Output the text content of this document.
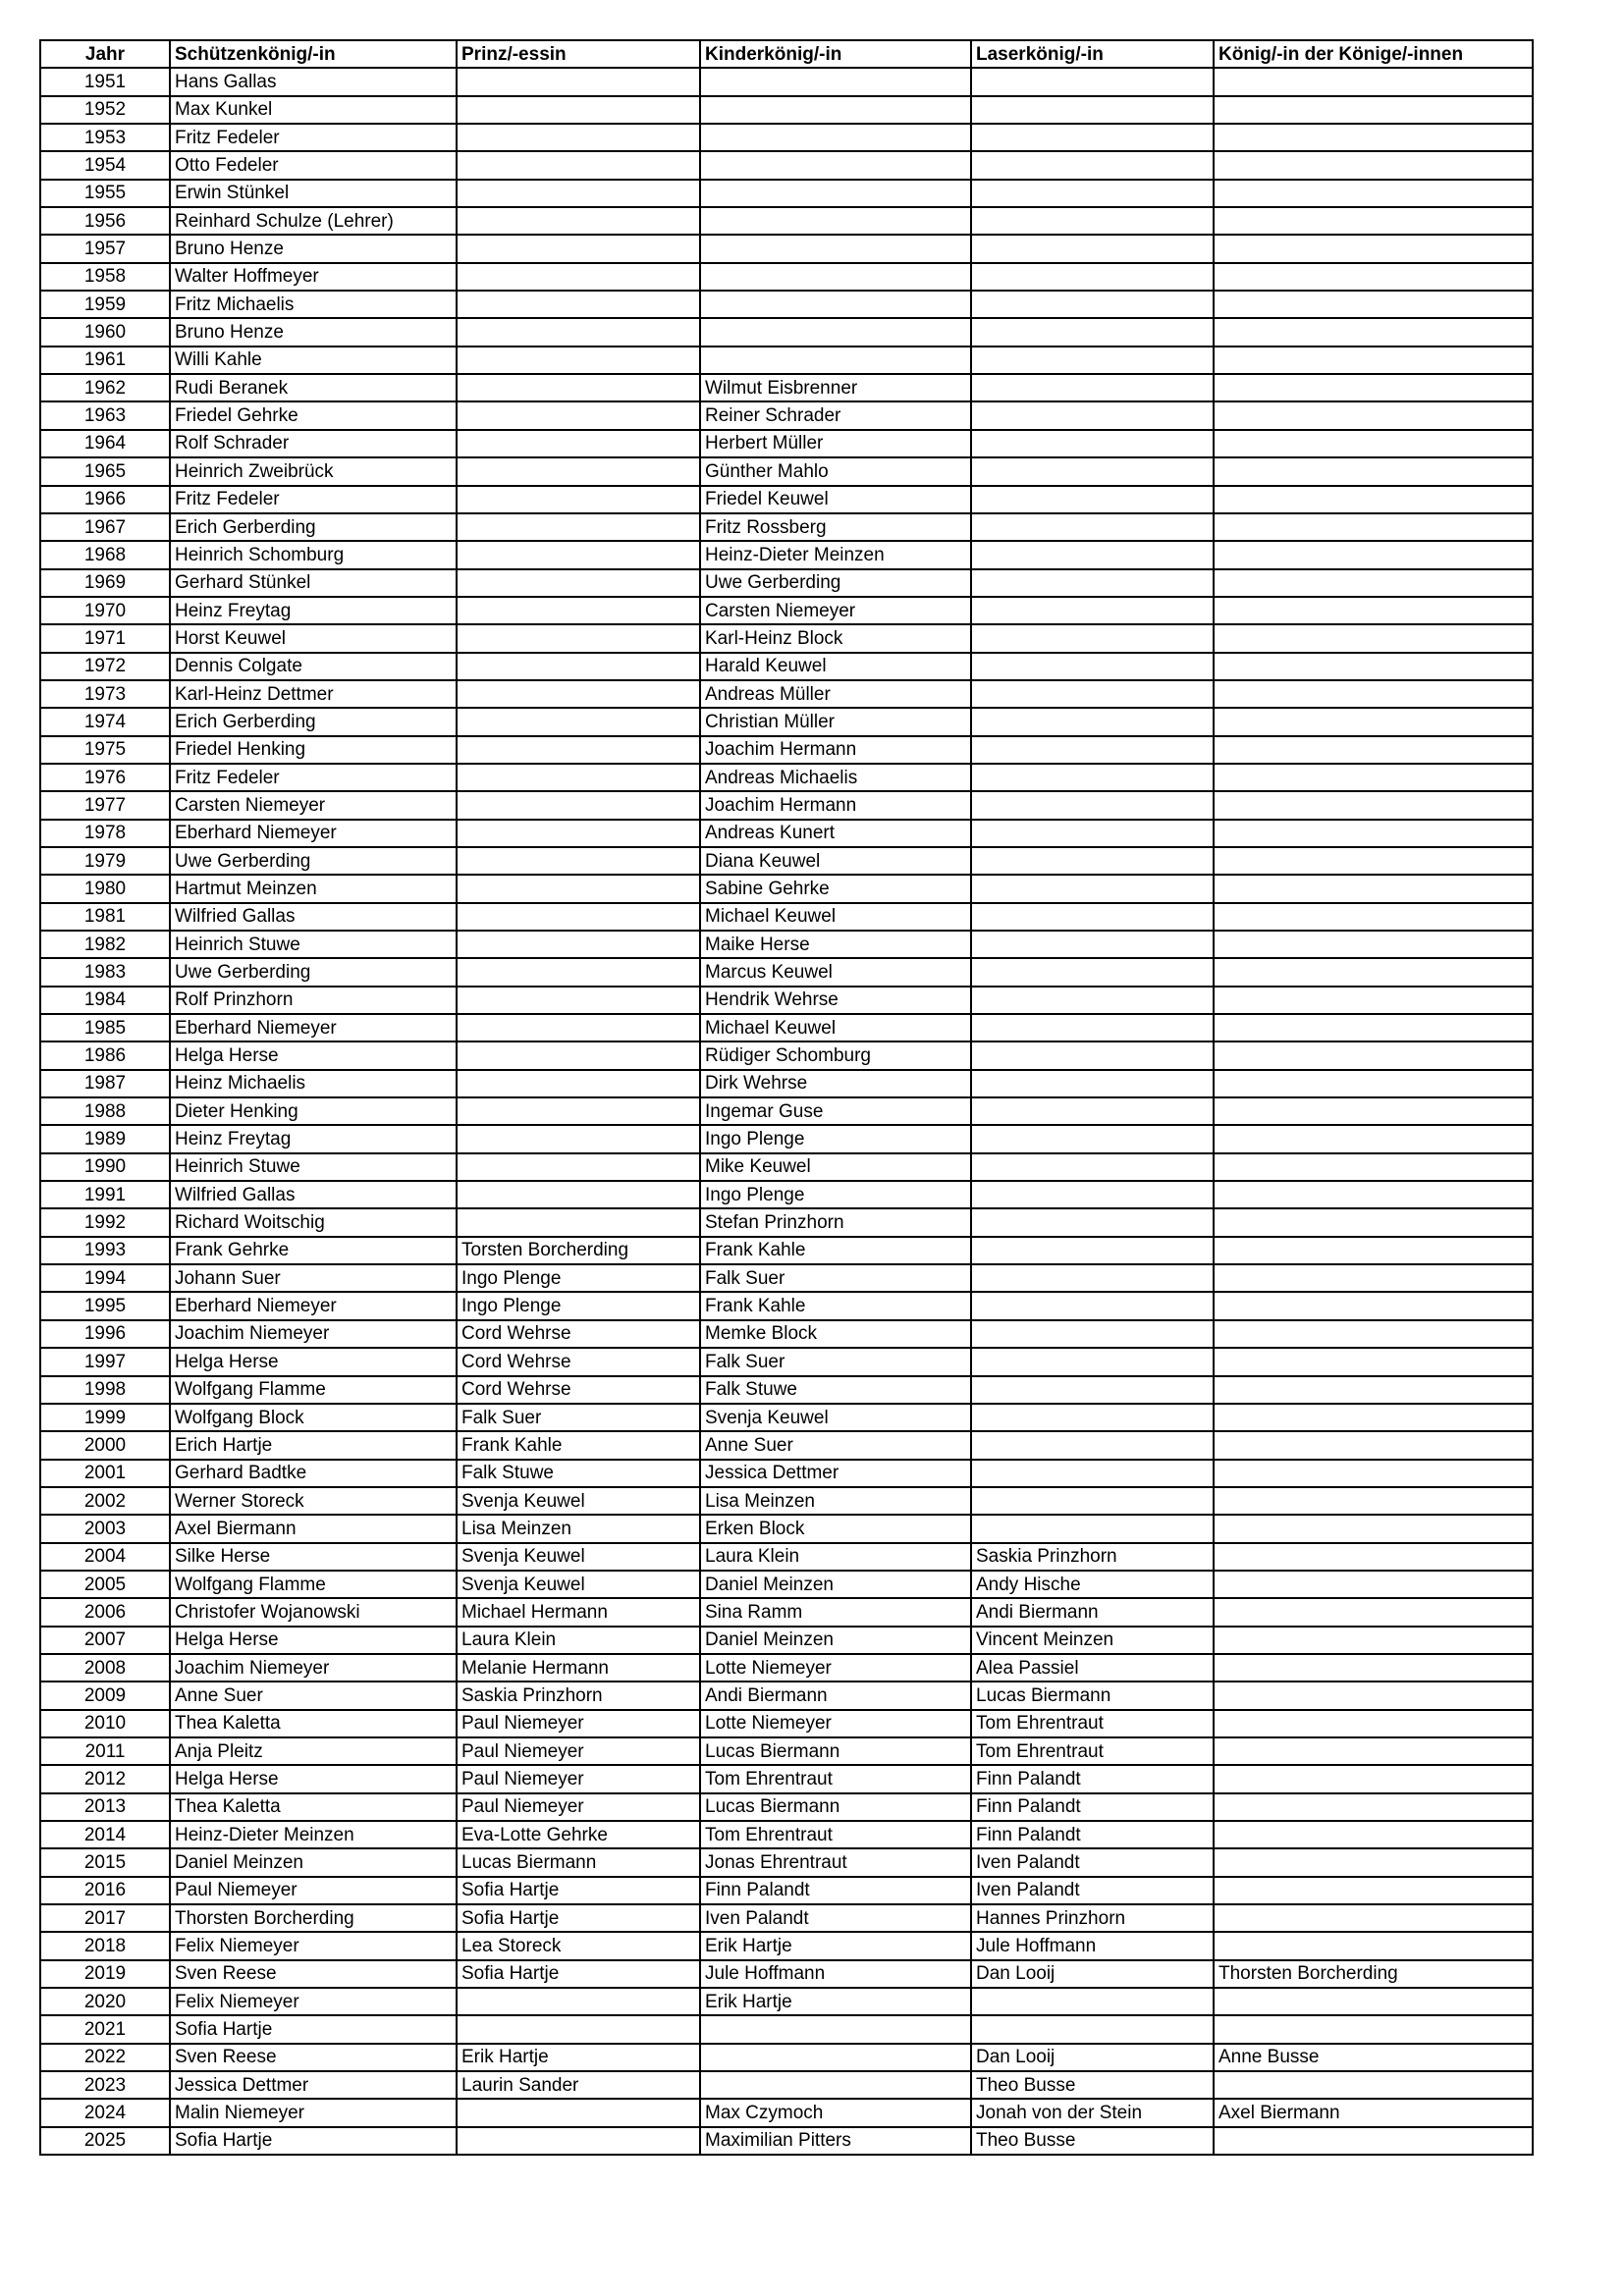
Jahr	Schützenkönig/-in	Prinz/-essin	Kinderkönig/-in	Laserkönig/-in	König/-in der Könige/-innen
1951	Hans Gallas				
1952	Max Kunkel				
1953	Fritz Fedeler				
1954	Otto Fedeler				
1955	Erwin Stünkel				
1956	Reinhard Schulze (Lehrer)				
1957	Bruno Henze				
1958	Walter Hoffmeyer				
1959	Fritz Michaelis				
1960	Bruno Henze				
1961	Willi Kahle				
1962	Rudi Beranek		Wilmut Eisbrenner		
1963	Friedel Gehrke		Reiner Schrader		
1964	Rolf Schrader		Herbert Müller		
1965	Heinrich Zweibrück		Günther Mahlo		
1966	Fritz Fedeler		Friedel Keuwel		
1967	Erich Gerberding		Fritz Rossberg		
1968	Heinrich Schomburg		Heinz-Dieter Meinzen		
1969	Gerhard Stünkel		Uwe Gerberding		
1970	Heinz Freytag		Carsten Niemeyer		
1971	Horst Keuwel		Karl-Heinz Block		
1972	Dennis Colgate		Harald Keuwel		
1973	Karl-Heinz Dettmer		Andreas Müller		
1974	Erich Gerberding		Christian Müller		
1975	Friedel Henking		Joachim Hermann		
1976	Fritz Fedeler		Andreas Michaelis		
1977	Carsten Niemeyer		Joachim Hermann		
1978	Eberhard Niemeyer		Andreas Kunert		
1979	Uwe Gerberding		Diana Keuwel		
1980	Hartmut Meinzen		Sabine Gehrke		
1981	Wilfried Gallas		Michael Keuwel		
1982	Heinrich Stuwe		Maike Herse		
1983	Uwe Gerberding		Marcus Keuwel		
1984	Rolf Prinzhorn		Hendrik Wehrse		
1985	Eberhard Niemeyer		Michael Keuwel		
1986	Helga Herse		Rüdiger Schomburg		
1987	Heinz Michaelis		Dirk Wehrse		
1988	Dieter Henking		Ingemar Guse		
1989	Heinz Freytag		Ingo Plenge		
1990	Heinrich Stuwe		Mike Keuwel		
1991	Wilfried Gallas		Ingo Plenge		
1992	Richard Woitschig		Stefan Prinzhorn		
1993	Frank Gehrke	Torsten Borcherding	Frank Kahle		
1994	Johann Suer	Ingo Plenge	Falk Suer		
1995	Eberhard Niemeyer	Ingo Plenge	Frank Kahle		
1996	Joachim Niemeyer	Cord Wehrse	Memke Block		
1997	Helga Herse	Cord Wehrse	Falk Suer		
1998	Wolfgang Flamme	Cord Wehrse	Falk Stuwe		
1999	Wolfgang Block	Falk Suer	Svenja Keuwel		
2000	Erich Hartje	Frank Kahle	Anne Suer		
2001	Gerhard Badtke	Falk Stuwe	Jessica Dettmer		
2002	Werner Storeck	Svenja Keuwel	Lisa Meinzen		
2003	Axel Biermann	Lisa Meinzen	Erken Block		
2004	Silke Herse	Svenja Keuwel	Laura Klein	Saskia Prinzhorn	
2005	Wolfgang Flamme	Svenja Keuwel	Daniel Meinzen	Andy Hische	
2006	Christofer Wojanowski	Michael Hermann	Sina Ramm	Andi Biermann	
2007	Helga Herse	Laura Klein	Daniel Meinzen	Vincent Meinzen	
2008	Joachim Niemeyer	Melanie Hermann	Lotte Niemeyer	Alea Passiel	
2009	Anne Suer	Saskia Prinzhorn	Andi Biermann	Lucas Biermann	
2010	Thea Kaletta	Paul Niemeyer	Lotte Niemeyer	Tom Ehrentraut	
2011	Anja Pleitz	Paul Niemeyer	Lucas Biermann	Tom Ehrentraut	
2012	Helga Herse	Paul Niemeyer	Tom Ehrentraut	Finn Palandt	
2013	Thea Kaletta	Paul Niemeyer	Lucas Biermann	Finn Palandt	
2014	Heinz-Dieter Meinzen	Eva-Lotte Gehrke	Tom Ehrentraut	Finn Palandt	
2015	Daniel Meinzen	Lucas Biermann	Jonas Ehrentraut	Iven Palandt	
2016	Paul Niemeyer	Sofia Hartje	Finn Palandt	Iven Palandt	
2017	Thorsten Borcherding	Sofia Hartje	Iven Palandt	Hannes Prinzhorn	
2018	Felix Niemeyer	Lea Storeck	Erik Hartje	Jule Hoffmann	
2019	Sven Reese	Sofia Hartje	Jule Hoffmann	Dan Looij	Thorsten Borcherding
2020	Felix Niemeyer		Erik Hartje		
2021	Sofia Hartje				
2022	Sven Reese	Erik Hartje		Dan Looij	Anne Busse
2023	Jessica Dettmer	Laurin Sander		Theo Busse	
2024	Malin Niemeyer		Max Czymoch	Jonah von der Stein	Axel Biermann
2025	Sofia Hartje		Maximilian Pitters	Theo Busse	
